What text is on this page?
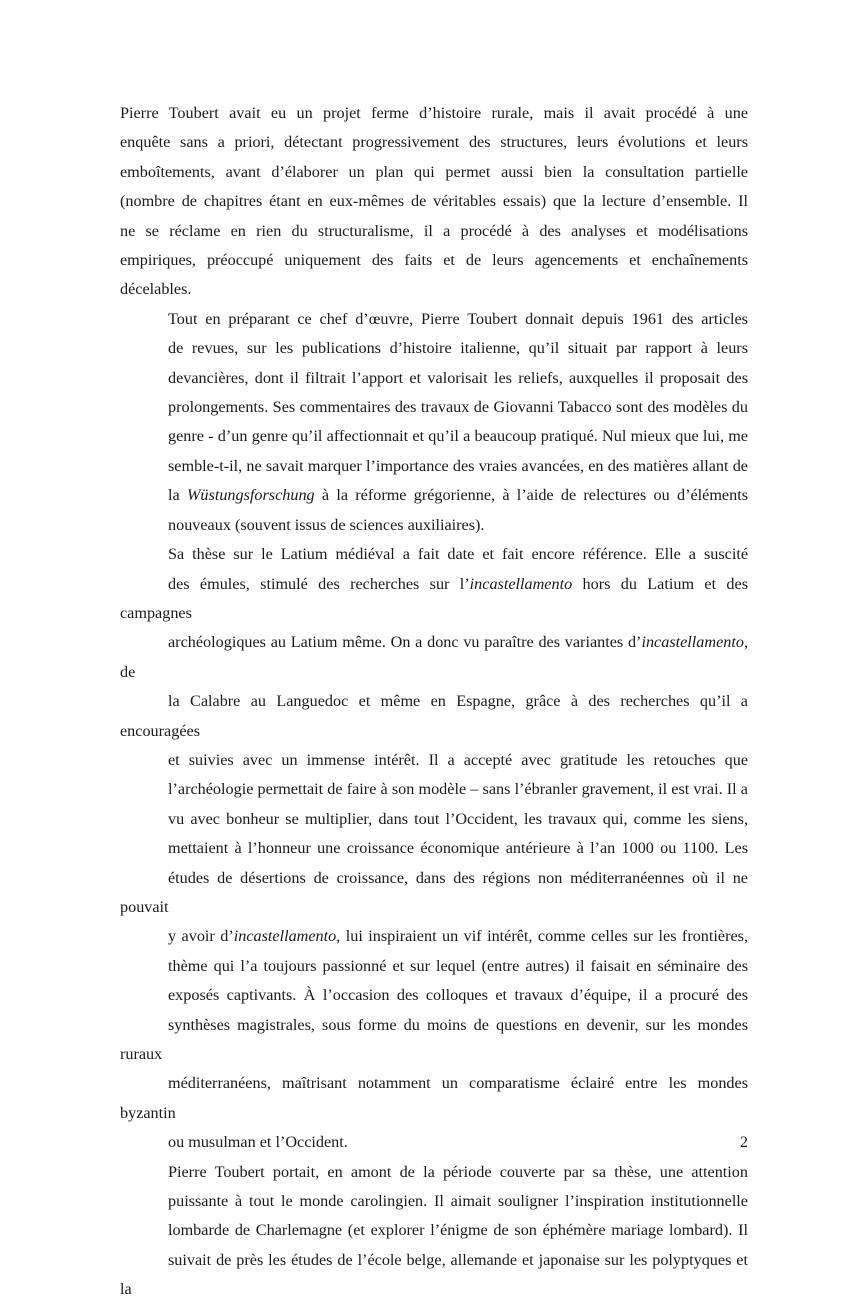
Pierre Toubert avait eu un projet ferme d’histoire rurale, mais il avait procédé à une
enquête sans a priori, détectant progressivement des structures, leurs évolutions et leurs
emboîtements, avant d’élaborer un plan qui permet aussi bien la consultation partielle
(nombre de chapitres étant en eux-mêmes de véritables essais) que la lecture d’ensemble. Il
ne se réclame en rien du structuralisme, il a procédé à des analyses et modélisations
empiriques, préoccupé uniquement des faits et de leurs agencements et enchaînements
décelables.
Tout en préparant ce chef d’œuvre, Pierre Toubert donnait depuis 1961 des articles
de revues, sur les publications d’histoire italienne, qu’il situait par rapport à leurs
devancières, dont il filtrait l’apport et valorisait les reliefs, auxquelles il proposait des
prolongements. Ses commentaires des travaux de Giovanni Tabacco sont des modèles du
genre - d’un genre qu’il affectionnait et qu’il a beaucoup pratiqué. Nul mieux que lui, me
semble-t-il, ne savait marquer l’importance des vraies avancées, en des matières allant de
la Wüstungsforschung à la réforme grégorienne, à l’aide de relectures ou d’éléments
nouveaux (souvent issus de sciences auxiliaires).
Sa thèse sur le Latium médiéval a fait date et fait encore référence. Elle a suscité
des émules, stimulé des recherches sur l’incastellamento hors du Latium et des campagnes
archéologiques au Latium même. On a donc vu paraître des variantes d’incastellamento, de
la Calabre au Languedoc et même en Espagne, grâce à des recherches qu’il a encouragées
et suivies avec un immense intérêt. Il a accepté avec gratitude les retouches que
l’archéologie permettait de faire à son modèle – sans l’ébranler gravement, il est vrai. Il a
vu avec bonheur se multiplier, dans tout l’Occident, les travaux qui, comme les siens,
mettaient à l’honneur une croissance économique antérieure à l’an 1000 ou 1100. Les
études de désertions de croissance, dans des régions non méditerranéennes où il ne pouvait
y avoir d’incastellamento, lui inspiraient un vif intérêt, comme celles sur les frontières,
thème qui l’a toujours passionné et sur lequel (entre autres) il faisait en séminaire des
exposés captivants. À l’occasion des colloques et travaux d’équipe, il a procuré des
synthèses magistrales, sous forme du moins de questions en devenir, sur les mondes ruraux
méditerranéens, maîtrisant notamment un comparatisme éclairé entre les mondes byzantin
ou musulman et l’Occident.
Pierre Toubert portait, en amont de la période couverte par sa thèse, une attention
puissante à tout le monde carolingien. Il aimait souligner l’inspiration institutionnelle
lombarde de Charlemagne (et explorer l’énigme de son éphémère mariage lombard). Il
suivait de près les études de l’école belge, allemande et japonaise sur les polyptyques et la
2
